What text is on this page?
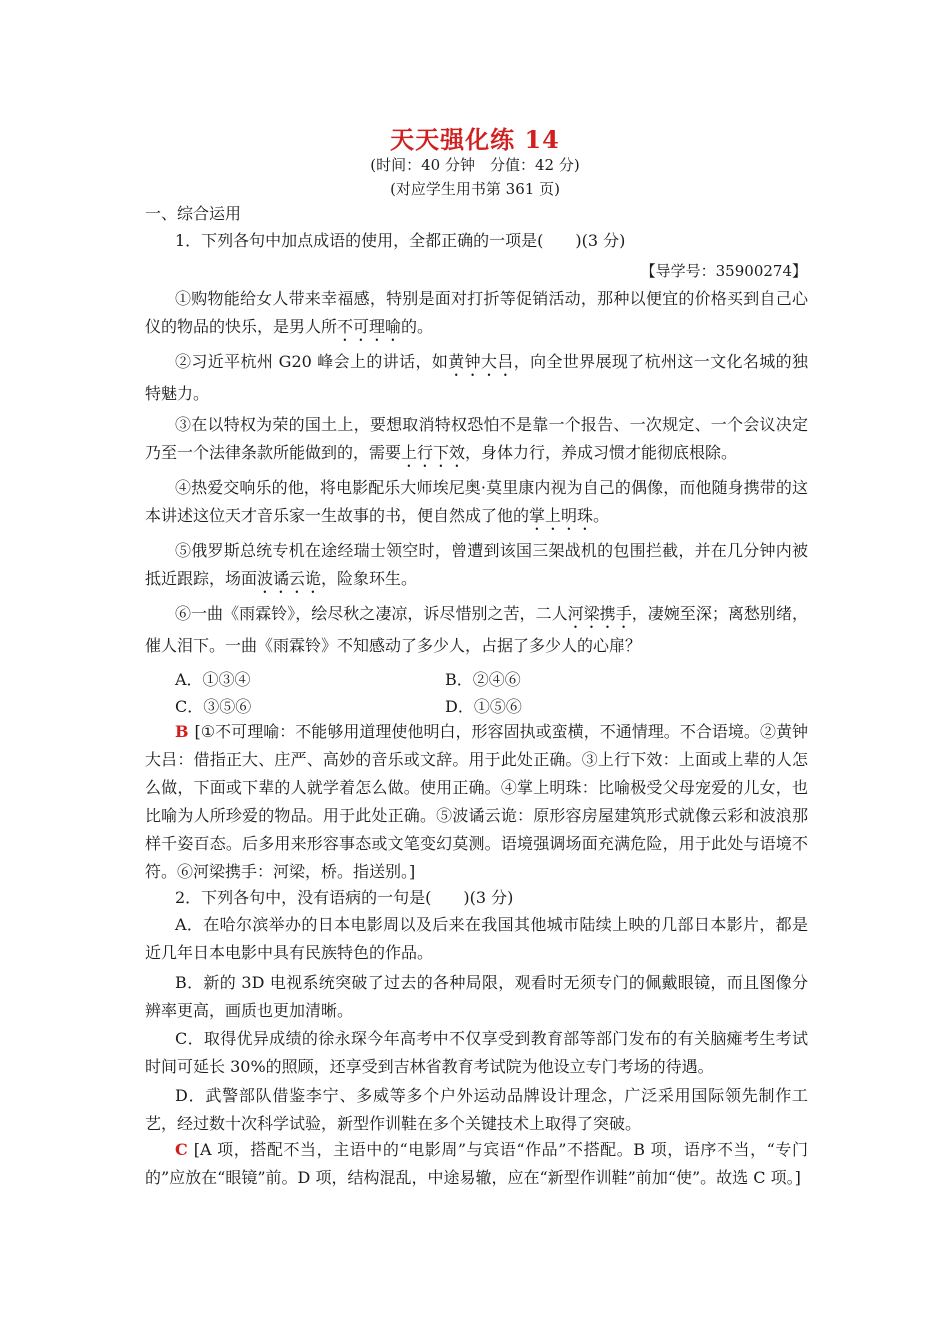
天天强化练 14
(时间：40 分钟　分值：42 分)
(对应学生用书第 361 页)
一、综合运用
1．下列各句中加点成语的使用，全都正确的一项是(　　)(3 分)
【导学号：35900274】
①购物能给女人带来幸福感，特别是面对打折等促销活动，那种以便宜的价格买到自己心仪的物品的快乐，是男人所不可理喻的。
②习近平杭州 G20 峰会上的讲话，如黄钟大吕，向全世界展现了杭州这一文化名城的独特魅力。
③在以特权为荣的国土上，要想取消特权恐怕不是靠一个报告、一次规定、一个会议决定乃至一个法律条款所能做到的，需要上行下效，身体力行，养成习惯才能彻底根除。
④热爱交响乐的他，将电影配乐大师埃尼奥·莫里康内视为自己的偶像，而他随身携带的这本讲述这位天才音乐家一生故事的书，便自然成了他的掌上明珠。
⑤俄罗斯总统专机在途经瑞士领空时，曾遭到该国三架战机的包围拦截，并在几分钟内被抵近跟踪，场面波谲云诡，险象环生。
⑥一曲《雨霖铃》，绘尽秋之凄凉，诉尽惜别之苦，二人河梁携手，凄婉至深；离愁别绪，催人泪下。一曲《雨霖铃》不知感动了多少人，占据了多少人的心扉？
A．①③④	B．②④⑥
C．③⑤⑥	D．①⑤⑥
B [①不可理喻：不能够用道理使他明白，形容固执或蛮横，不通情理。不合语境。②黄钟大吕：借指正大、庄严、高妙的音乐或文辞。用于此处正确。③上行下效：上面或上辈的人怎么做，下面或下辈的人就学着怎么做。使用正确。④掌上明珠：比喻极受父母宠爱的儿女，也比喻为人所珍爱的物品。用于此处正确。⑤波谲云诡：原形容房屋建筑形式就像云彩和波浪那样千姿百态。后多用来形容事态或文笔变幻莫测。语境强调场面充满危险，用于此处与语境不符。⑥河梁携手：河梁，桥。指送别。]
2．下列各句中，没有语病的一句是(　　)(3 分)
A．在哈尔滨举办的日本电影周以及后来在我国其他城市陆续上映的几部日本影片，都是近几年日本电影中具有民族特色的作品。
B．新的 3D 电视系统突破了过去的各种局限，观看时无须专门的佩戴眼镜，而且图像分辨率更高，画质也更加清晰。
C．取得优异成绩的徐永琛今年高考中不仅享受到教育部等部门发布的有关脑瘫考生考试时间可延长 30%的照顾，还享受到吉林省教育考试院为他设立专门考场的待遇。
D．武警部队借鉴李宁、多威等多个户外运动品牌设计理念，广泛采用国际领先制作工艺，经过数十次科学试验，新型作训鞋在多个关键技术上取得了突破。
C [A 项，搭配不当，主语中的“电影周”与宾语“作品”不搭配。B 项，语序不当，“专门的”应放在“眼镜”前。D 项，结构混乱，中途易辙，应在“新型作训鞋”前加“使”。故选 C 项。]
